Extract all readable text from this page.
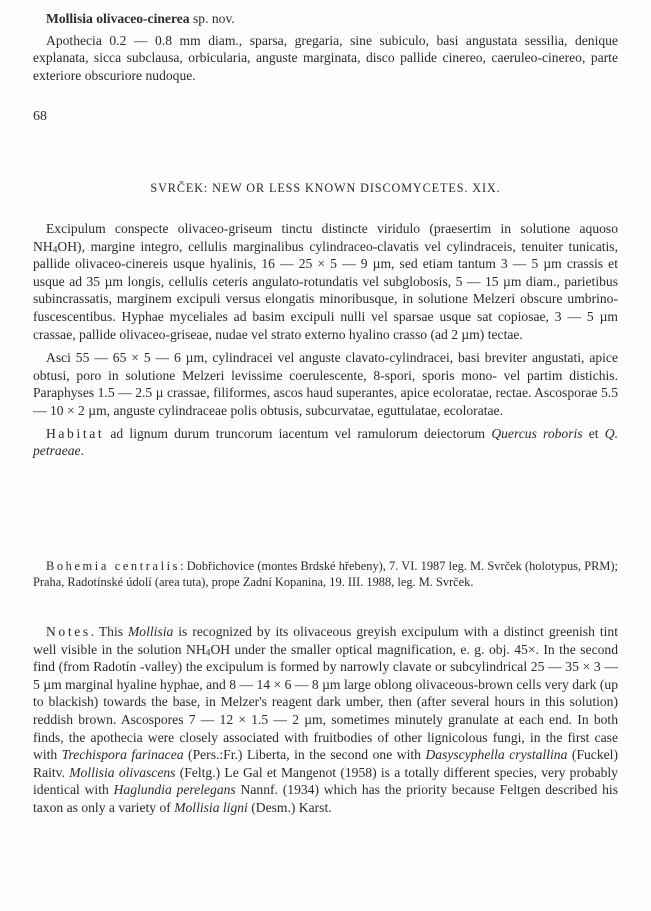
Mollisia olivaceo-cinerea sp. nov.

Apothecia 0.2 — 0.8 mm diam., sparsa, gregaria, sine subiculo, basi angustata sessilia, denique explanata, sicca subclausa, orbicularia, anguste marginata, disco pallide cinereo, caeruleo-cinereo, parte exteriore obscuriore nudoque.

68
SVRČEK: NEW OR LESS KNOWN DISCOMYCETES. XIX.

Excipulum conspecte olivaceo-griseum tinctu distincte viridulo (praesertim in solutione aquoso $NH_4OH$), margine integro, cellulis marginalibus cylindraceo-clavatis vel cylindraceis, tenuiter tunicatis, pallide olivaceo-cinereis usque hyalinis, 16 — 25 × 5 — 9 µm, sed etiam tantum 3 — 5 µm crassis et usque ad 35 µm longis, cellulis ceteris angulato-rotundatis vel subglobosis, 5 — 15 µm diam., parietibus subincrassatis, marginem excipuli versus elongatis minoribusque, in solutione Melzeri obscure umbrino-fuscescentibus. Hyphae myceliales ad basim excipuli nulli vel sparsae usque sat copiosae, 3 — 5 µm crassae, pallide olivaceo-griseae, nudae vel strato externo hyalino crasso (ad 2 µm) tectae.

Asci 55 — 65 × 5 — 6 µm, cylindracei vel anguste clavato-cylindracei, basi breviter angustati, apice obtusi, poro in solutione Melzeri levissime coerulescente, 8-spori, sporis mono- vel partim distichis. Paraphyses 1.5 — 2.5 µ crassae, filiformes, ascos haud superantes, apice ecoloratae, rectae. Ascosporae 5.5 — 10 × 2 µm, anguste cylindraceae polis obtusis, subcurvatae, eguttulatae, ecoloratae.

Habitat ad lignum durum truncorum iacentum vel ramulorum deiectorum Quercus roboris et Q. petraeae.

Bohemia centralis: Dobřichovice (montes Brdské hřebeny), 7. VI. 1987 leg. M. Svrček (holotypus, PRM); Praha, Radotínské údolí (area tuta), prope Zadní Kopanina, 19. III. 1988, leg. M. Svrček.

Notes. This Mollisia is recognized by its olivaceous greyish excipulum with a distinct greenish tint well visible in the solution $NH_4OH$ under the smaller optical magnification, e. g. obj. 45×. In the second find (from Radotín -valley) the excipulum is formed by narrowly clavate or subcylindrical 25 — 35 × 3 — 5 µm marginal hyaline hyphae, and 8 — 14 × 6 — 8 µm large oblong olivaceous-brown cells very dark (up to blackish) towards the base, in Melzer's reagent dark umber, then (after several hours in this solution) reddish brown. Ascospores 7 — 12 × 1.5 — 2 µm, sometimes minutely granulate at each end. In both finds, the apothecia were closely associated with fruitbodies of other lignicolous fungi, in the first case with Trechispora farinacea (Pers.:Fr.) Liberta, in the second one with Dasyscyphella crystallina (Fuckel) Raitv. Mollisia olivascens (Feltg.) Le Gal et Mangenot (1958) is a totally different species, very probably identical with Haglundia perelegans Nannf. (1934) which has the priority because Feltgen described his taxon as only a variety of Mollisia ligni (Desm.) Karst.
